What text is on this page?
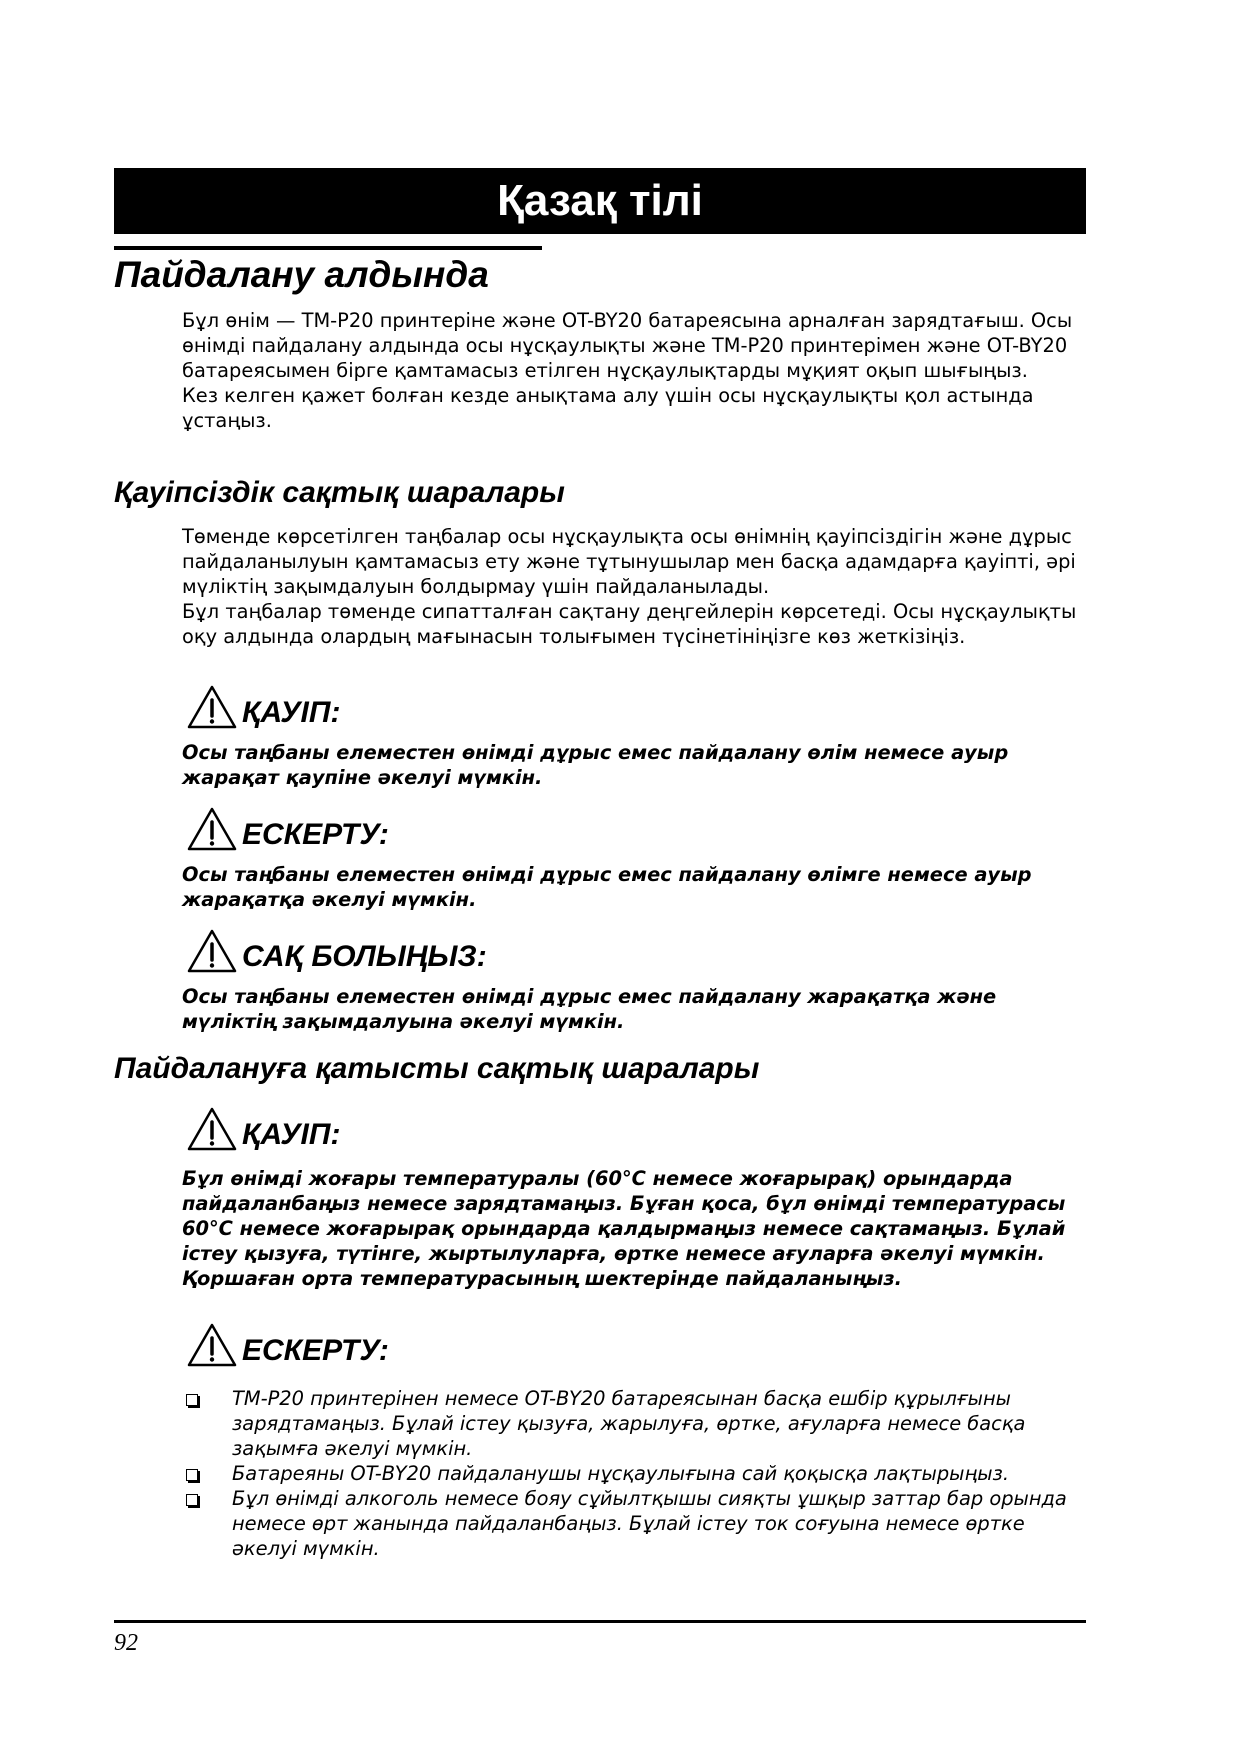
Қазақ тілі
Пайдалану алдында

Бұл өнім — TM-P20 принтеріне және OT-BY20 батареясына арналған зарядтағыш. Осы өнімді пайдалану алдында осы нұсқаулықты және TM-P20 принтерімен және OT-BY20 батареясымен бірге қамтамасыз етілген нұсқаулықтарды мұқият оқып шығыңыз.

Кез келген қажет болған кезде анықтама алу үшін осы нұсқаулықты қол астында ұстаңыз.

Қауіпсіздік сақтық шаралары

Төменде көрсетілген таңбалар осы нұсқаулықта осы өнімнің қауіпсіздігін және дұрыс пайдаланылуын қамтамасыз ету және тұтынушылар мен басқа адамдарға қауіпті, әрі мүліктің зақымдалуын болдырмау үшін пайдаланылады.

Бұл таңбалар төменде сипатталған сақтану деңгейлерін көрсетеді. Осы нұсқаулықты оқу алдында олардың мағынасын толығымен түсінетініңізге көз жеткізіңіз.

ҚАУІП:
Осы таңбаны елеместен өнімді дұрыс емес пайдалану өлім немесе ауыр жарақат қаупіне әкелуі мүмкін.
ЕСКЕРТУ:
Осы таңбаны елеместен өнімді дұрыс емес пайдалану өлімге немесе ауыр жарақатқа әкелуі мүмкін.
САҚ БОЛЫҢЫЗ:
Осы таңбаны елеместен өнімді дұрыс емес пайдалану жарақатқа және мүліктің зақымдалуына әкелуі мүмкін.
Пайдалануға қатысты сақтық шаралары
ҚАУІП:
Бұл өнімді жоғары температуралы (60°C немесе жоғарырақ) орындарда пайдаланбаңыз немесе зарядтамаңыз. Бұған қоса, бұл өнімді температурасы 60°C немесе жоғарырақ орындарда қалдырмаңыз немесе сақтамаңыз. Бұлай істеу қызуға, түтінге, жыртылуларға, өртке немесе ағуларға әкелуі мүмкін. Қоршаған орта температурасының шектерінде пайдаланыңыз.
ЕСКЕРТУ:
TM-P20 принтерінен немесе OT-BY20 батареясынан басқа ешбір құрылғыны зарядтамаңыз. Бұлай істеу қызуға, жарылуға, өртке, ағуларға немесе басқа зақымға әкелуі мүмкін.
Батареяны OT-BY20 пайдаланушы нұсқаулығына сай қоқысқа лақтырыңыз.
Бұл өнімді алкоголь немесе бояу сұйылтқышы сияқты ұшқыр заттар бар орында немесе өрт жанында пайдаланбаңыз. Бұлай істеу ток соғуына немесе өртке әкелуі мүмкін.
92
